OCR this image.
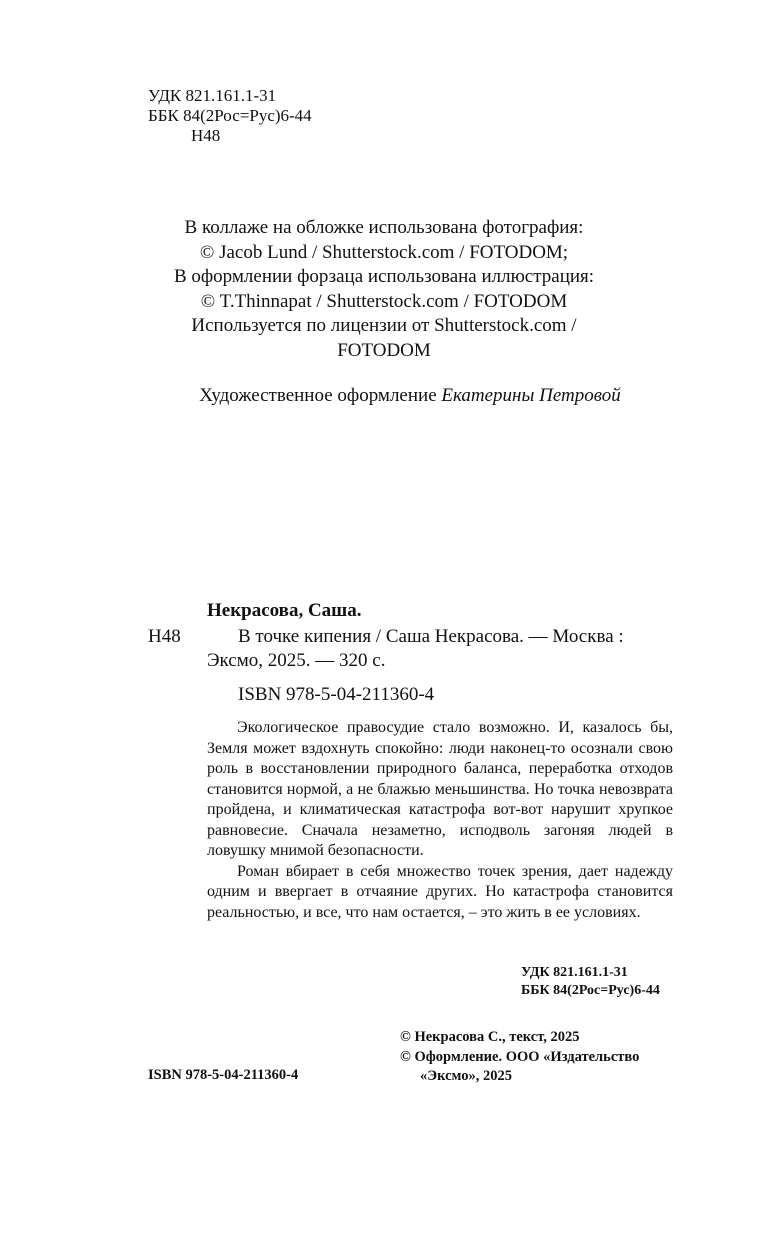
УДК 821.161.1-31
ББК 84(2Рос=Рус)6-44
Н48
В коллаже на обложке использована фотография:
© Jacob Lund / Shutterstock.com / FOTODOM;
В оформлении форзаца использована иллюстрация:
© T.Thinnapat / Shutterstock.com / FOTODOM
Используется по лицензии от Shutterstock.com /
FOTODOM
Художественное оформление Екатерины Петровой
Некрасова, Саша.
Н48	В точке кипения / Саша Некрасова. — Москва :
Эксмо, 2025. — 320 с.
ISBN 978-5-04-211360-4

Экологическое правосудие стало возможно. И, казалось бы, Земля может вздохнуть спокойно: люди наконец-то осознали свою роль в восстановлении природного баланса, переработка отходов становится нормой, а не блажью меньшинства. Но точка невозврата пройдена, и климатическая катастрофа вот-вот нарушит хрупкое равновесие. Сначала незаметно, исподволь загоняя людей в ловушку мнимой безопасности.

Роман вбирает в себя множество точек зрения, дает надежду одним и ввергает в отчаяние других. Но катастрофа становится реальностью, и все, что нам остается, – это жить в ее условиях.

УДК 821.161.1-31
ББК 84(2Рос=Рус)6-44
© Некрасова С., текст, 2025
© Оформление. ООО «Издательство
«Эксмо», 2025
ISBN 978-5-04-211360-4
